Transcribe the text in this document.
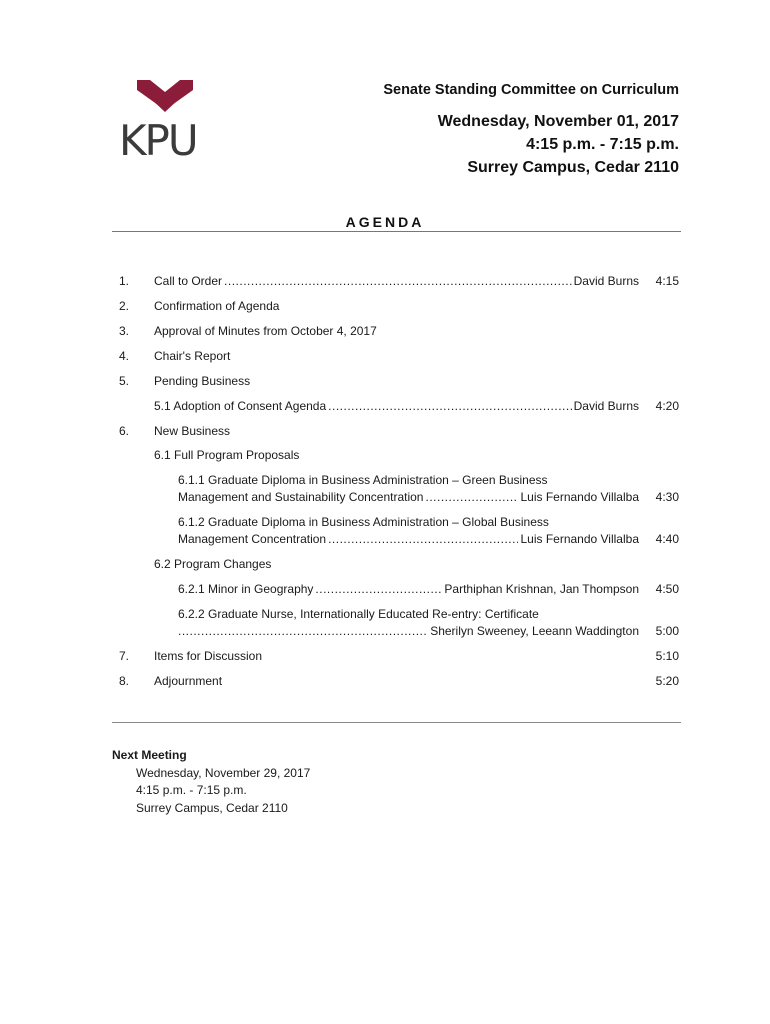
KPU
Senate Standing Committee on Curriculum
Wednesday, November 01, 2017
4:15 p.m. - 7:15 p.m.
Surrey Campus, Cedar 2110
AGENDA
1. Call to Order .....	David Burns 4:15
2. Confirmation of Agenda
3. Approval of Minutes from October 4, 2017
4. Chair's Report
5. Pending Business
5.1 Adoption of Consent Agenda .....	David Burns 4:20
6. New Business
6.1 Full Program Proposals
6.1.1 Graduate Diploma in Business Administration – Green Business
Management and Sustainability Concentration .....	Luis Fernando Villalba 4:30
6.1.2 Graduate Diploma in Business Administration – Global Business
Management Concentration .....	Luis Fernando Villalba 4:40
6.2 Program Changes
6.2.1 Minor in Geography .....	Parthiphan Krishnan, Jan Thompson 4:50
6.2.2 Graduate Nurse, Internationally Educated Re-entry: Certificate
.....
Sherilyn Sweeney, Leeann Waddington 5:00
7. Items for Discussion	5:10
8. Adjournment	5:20
Next Meeting
Wednesday, November 29, 2017
4:15 p.m. - 7:15 p.m.
Surrey Campus, Cedar 2110
